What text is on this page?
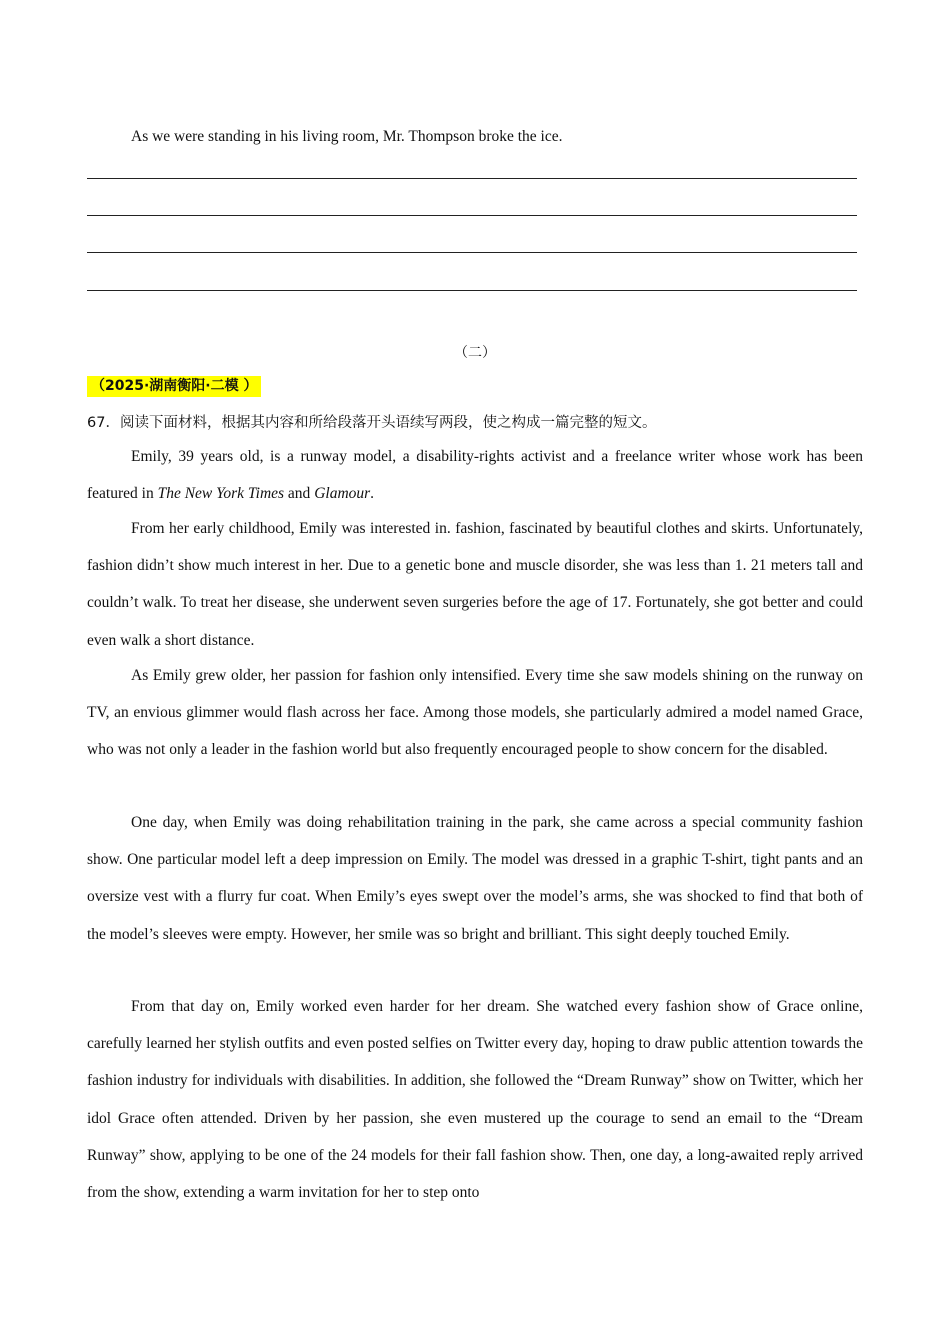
As we were standing in his living room, Mr. Thompson broke the ice.

（二）
（2025·湖南衡阳·二模 ）
67．阅读下面材料，根据其内容和所给段落开头语续写两段，使之构成一篇完整的短文。

Emily, 39 years old, is a runway model, a disability-rights activist and a freelance writer whose work has been featured in The New York Times and Glamour.

From her early childhood, Emily was interested in. fashion, fascinated by beautiful clothes and skirts. Unfortunately, fashion didn’t show much interest in her. Due to a genetic bone and muscle disorder, she was less than 1. 21 meters tall and couldn’t walk. To treat her disease, she underwent seven surgeries before the age of 17. Fortunately, she got better and could even walk a short distance.

As Emily grew older, her passion for fashion only intensified. Every time she saw models shining on the runway on TV, an envious glimmer would flash across her face. Among those models, she particularly admired a model named Grace, who was not only a leader in the fashion world but also frequently encouraged people to show concern for the disabled.

One day, when Emily was doing rehabilitation training in the park, she came across a special community fashion show. One particular model left a deep impression on Emily. The model was dressed in a graphic T-shirt, tight pants and an oversize vest with a flurry fur coat. When Emily’s eyes swept over the model’s arms, she was shocked to find that both of the model’s sleeves were empty. However, her smile was so bright and brilliant. This sight deeply touched Emily.

From that day on, Emily worked even harder for her dream. She watched every fashion show of Grace online, carefully learned her stylish outfits and even posted selfies on Twitter every day, hoping to draw public attention towards the fashion industry for individuals with disabilities. In addition, she followed the “Dream Runway” show on Twitter, which her idol Grace often attended. Driven by her passion, she even mustered up the courage to send an email to the “Dream Runway” show, applying to be one of the 24 models for their fall fashion show. Then, one day, a long-awaited reply arrived from the show, extending a warm invitation for her to step onto
